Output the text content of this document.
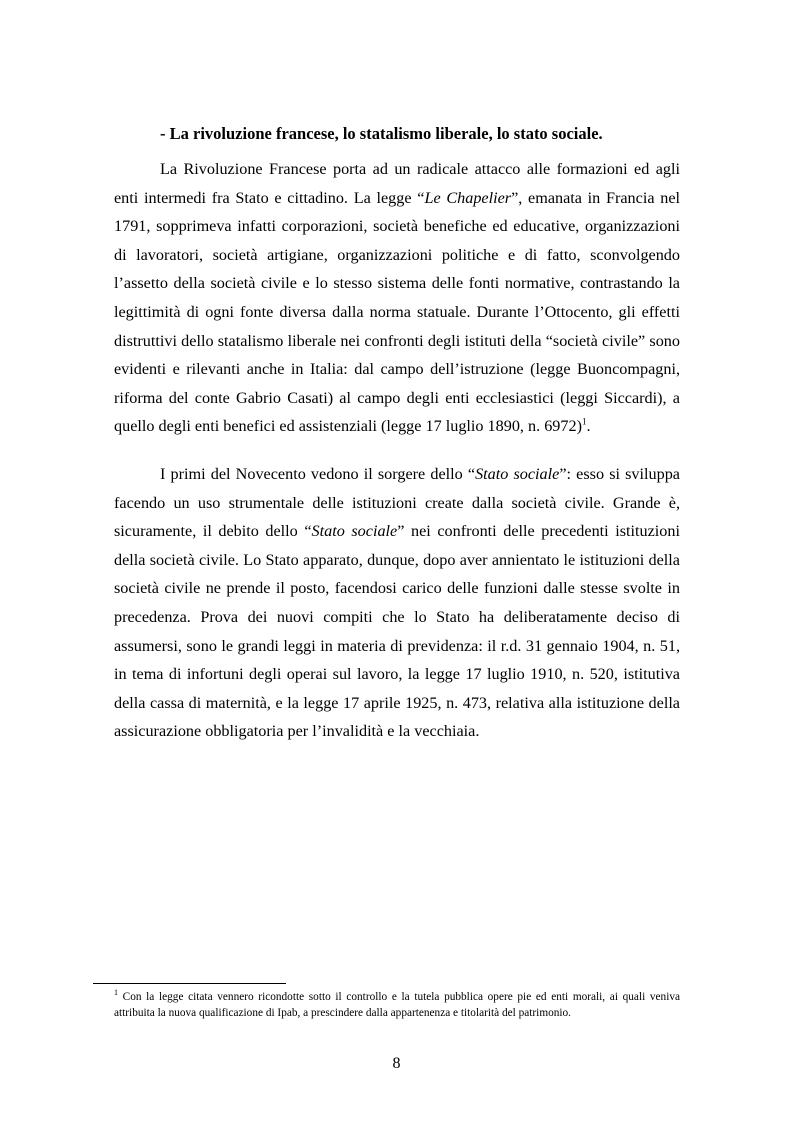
- La rivoluzione francese, lo statalismo liberale, lo stato sociale.

La Rivoluzione Francese porta ad un radicale attacco alle formazioni ed agli enti intermedi fra Stato e cittadino. La legge “Le Chapelier”, emanata in Francia nel 1791, sopprimeva infatti corporazioni, società benefiche ed educative, organizzazioni di lavoratori, società artigiane, organizzazioni politiche e di fatto, sconvolgendo l’assetto della società civile e lo stesso sistema delle fonti normative, contrastando la legittimità di ogni fonte diversa dalla norma statuale. Durante l’Ottocento, gli effetti distruttivi dello statalismo liberale nei confronti degli istituti della “società civile” sono evidenti e rilevanti anche in Italia: dal campo dell’istruzione (legge Buoncompagni, riforma del conte Gabrio Casati) al campo degli enti ecclesiastici (leggi Siccardi), a quello degli enti benefici ed assistenziali (legge 17 luglio 1890, n. 6972)$^1$.

I primi del Novecento vedono il sorgere dello “Stato sociale”: esso si sviluppa facendo un uso strumentale delle istituzioni create dalla società civile. Grande è, sicuramente, il debito dello “Stato sociale” nei confronti delle precedenti istituzioni della società civile. Lo Stato apparato, dunque, dopo aver annientato le istituzioni della società civile ne prende il posto, facendosi carico delle funzioni dalle stesse svolte in precedenza. Prova dei nuovi compiti che lo Stato ha deliberatamente deciso di assumersi, sono le grandi leggi in materia di previdenza: il r.d. 31 gennaio 1904, n. 51, in tema di infortuni degli operai sul lavoro, la legge 17 luglio 1910, n. 520, istitutiva della cassa di maternità, e la legge 17 aprile 1925, n. 473, relativa alla istituzione della assicurazione obbligatoria per l’invalidità e la vecchiaia.

$^1$ Con la legge citata vennero ricondotte sotto il controllo e la tutela pubblica opere pie ed enti morali, ai quali veniva attribuita la nuova qualificazione di Ipab, a prescindere dalla appartenenza e titolarità del patrimonio.

8
